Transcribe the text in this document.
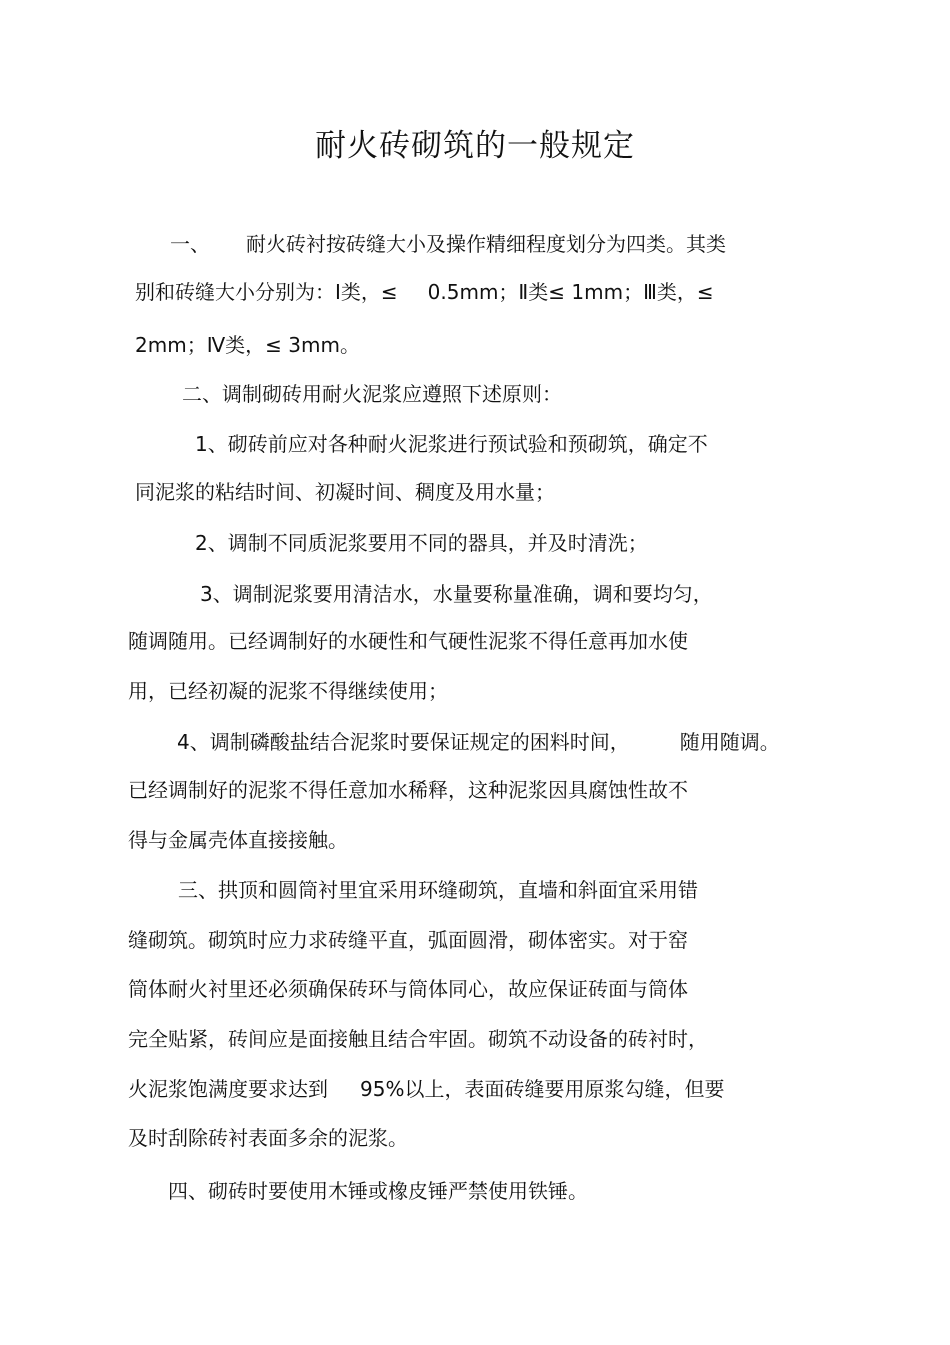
耐火砖砌筑的一般规定
一、 耐火砖衬按砖缝大小及操作精细程度划分为四类。其类
别和砖缝大小分别为：Ⅰ类，≤ 0.5mm；Ⅱ类≤ 1mm；Ⅲ类，≤
2mm；Ⅳ类，≤ 3mm。
二、调制砌砖用耐火泥浆应遵照下述原则：
1、砌砖前应对各种耐火泥浆进行预试验和预砌筑，确定不
同泥浆的粘结时间、初凝时间、稠度及用水量；
2、调制不同质泥浆要用不同的器具，并及时清洗；
3、调制泥浆要用清洁水，水量要称量准确，调和要均匀，
随调随用。已经调制好的水硬性和气硬性泥浆不得任意再加水使
用，已经初凝的泥浆不得继续使用；
4、调制磷酸盐结合泥浆时要保证规定的困料时间，	随用随调。
已经调制好的泥浆不得任意加水稀释，这种泥浆因具腐蚀性故不
得与金属壳体直接接触。
三、拱顶和圆筒衬里宜采用环缝砌筑，直墙和斜面宜采用错
缝砌筑。砌筑时应力求砖缝平直，弧面圆滑，砌体密实。对于窑
筒体耐火衬里还必须确保砖环与筒体同心，故应保证砖面与筒体
完全贴紧，砖间应是面接触且结合牢固。砌筑不动设备的砖衬时，
火泥浆饱满度要求达到 95%以上，表面砖缝要用原浆勾缝，但要
及时刮除砖衬表面多余的泥浆。
四、砌砖时要使用木锤或橡皮锤严禁使用铁锤。
